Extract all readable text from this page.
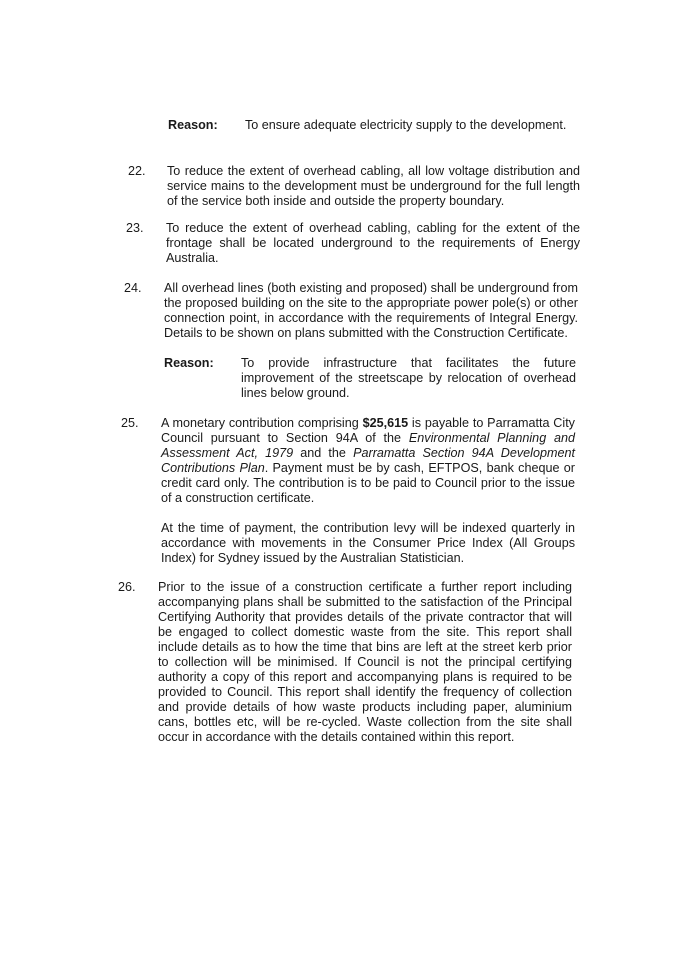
Reason: To ensure adequate electricity supply to the development.
22. To reduce the extent of overhead cabling, all low voltage distribution and service mains to the development must be underground for the full length of the service both inside and outside the property boundary.

23. To reduce the extent of overhead cabling, cabling for the extent of the frontage shall be located underground to the requirements of Energy Australia.

24. All overhead lines (both existing and proposed) shall be underground from the proposed building on the site to the appropriate power pole(s) or other connection point, in accordance with the requirements of Integral Energy. Details to be shown on plans submitted with the Construction Certificate.

Reason: To provide infrastructure that facilitates the future improvement of the streetscape by relocation of overhead lines below ground.
25. A monetary contribution comprising $25,615 is payable to Parramatta City Council pursuant to Section 94A of the Environmental Planning and Assessment Act, 1979 and the Parramatta Section 94A Development Contributions Plan. Payment must be by cash, EFTPOS, bank cheque or credit card only. The contribution is to be paid to Council prior to the issue of a construction certificate.

At the time of payment, the contribution levy will be indexed quarterly in accordance with movements in the Consumer Price Index (All Groups Index) for Sydney issued by the Australian Statistician.

26. Prior to the issue of a construction certificate a further report including accompanying plans shall be submitted to the satisfaction of the Principal Certifying Authority that provides details of the private contractor that will be engaged to collect domestic waste from the site. This report shall include details as to how the time that bins are left at the street kerb prior to collection will be minimised. If Council is not the principal certifying authority a copy of this report and accompanying plans is required to be provided to Council. This report shall identify the frequency of collection and provide details of how waste products including paper, aluminium cans, bottles etc, will be re-cycled. Waste collection from the site shall occur in accordance with the details contained within this report.
